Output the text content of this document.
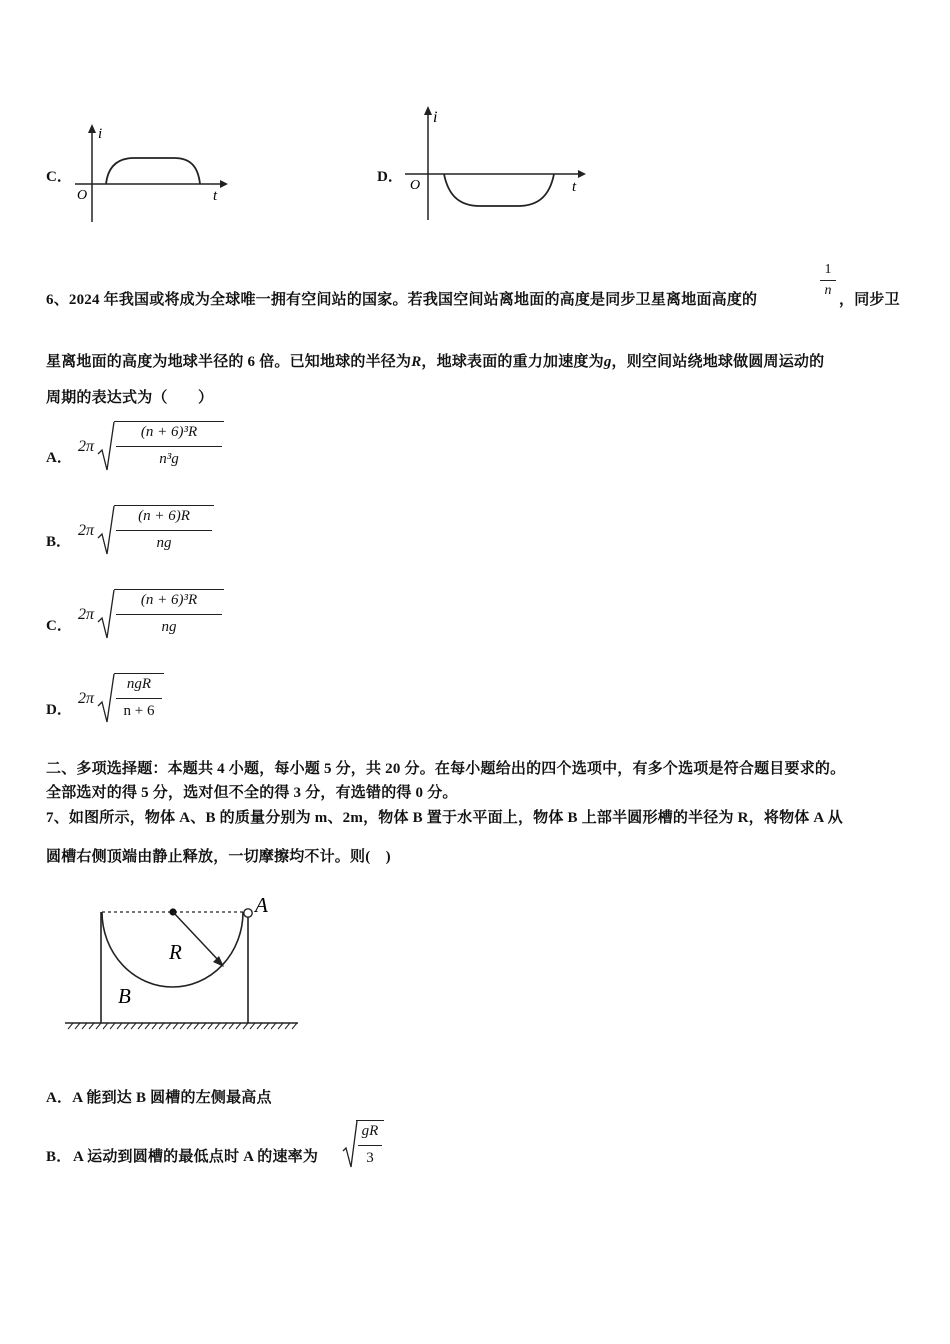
C．
i
t
O
D．
i
t
O
6、2024 年我国或将成为全球唯一拥有空间站的国家。若我国空间站离地面的高度是同步卫星离地面高度的
1
n
，同步卫
星离地面的高度为地球半径的 6 倍。已知地球的半径为R，地球表面的重力加速度为g，则空间站绕地球做圆周运动的
周期的表达式为（　　）
A．
2π
(n + 6)³R
n³g
B．
2π
(n + 6)R
ng
C．
2π
(n + 6)³R
ng
D．
2π
ngR
n + 6
二、多项选择题：本题共 4 小题，每小题 5 分，共 20 分。在每小题给出的四个选项中，有多个选项是符合题目要求的。
全部选对的得 5 分，选对但不全的得 3 分，有选错的得 0 分。
7、如图所示，物体 A、B 的质量分别为 m、2m，物体 B 置于水平面上，物体 B 上部半圆形槽的半径为 R，将物体 A 从
圆槽右侧顶端由静止释放，一切摩擦均不计。则(　)
A
R
B
A．A 能到达 B 圆槽的左侧最高点
B． A 运动到圆槽的最低点时 A 的速率为
gR
3
